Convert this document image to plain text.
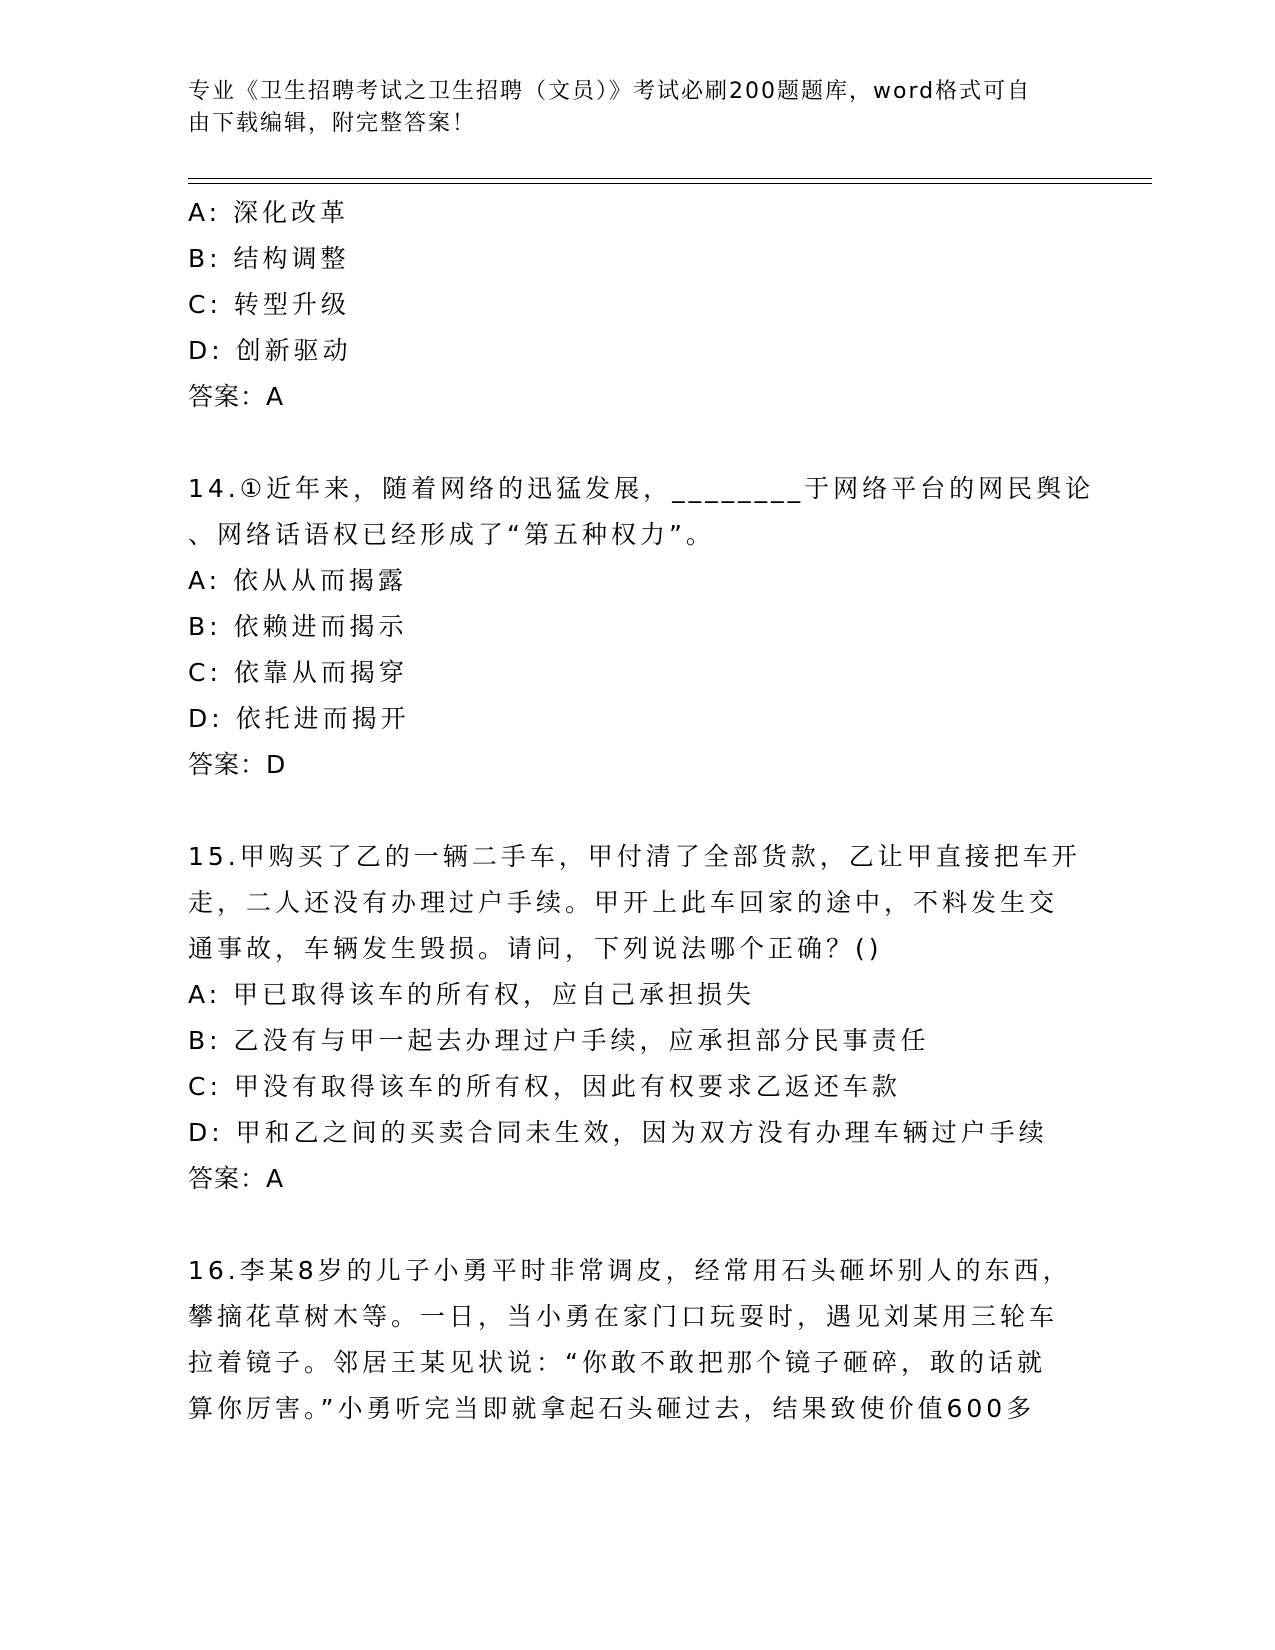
专业《卫生招聘考试之卫生招聘（文员）》考试必刷200题题库，word格式可自
由下载编辑，附完整答案！
A: 深化改革
B: 结构调整
C: 转型升级
D: 创新驱动
答案：A
14.①近年来，随着网络的迅猛发展，________于网络平台的网民舆论
、网络话语权已经形成了“第五种权力”。
A: 依从从而揭露
B: 依赖进而揭示
C: 依靠从而揭穿
D: 依托进而揭开
答案：D
15.甲购买了乙的一辆二手车，甲付清了全部货款，乙让甲直接把车开
走，二人还没有办理过户手续。甲开上此车回家的途中，不料发生交
通事故，车辆发生毁损。请问，下列说法哪个正确？()
A: 甲已取得该车的所有权，应自己承担损失
B: 乙没有与甲一起去办理过户手续，应承担部分民事责任
C: 甲没有取得该车的所有权，因此有权要求乙返还车款
D: 甲和乙之间的买卖合同未生效，因为双方没有办理车辆过户手续
答案：A
16.李某8岁的儿子小勇平时非常调皮，经常用石头砸坏别人的东西，
攀摘花草树木等。一日，当小勇在家门口玩耍时，遇见刘某用三轮车
拉着镜子。邻居王某见状说：“你敢不敢把那个镜子砸碎，敢的话就
算你厉害。”小勇听完当即就拿起石头砸过去，结果致使价值600多
